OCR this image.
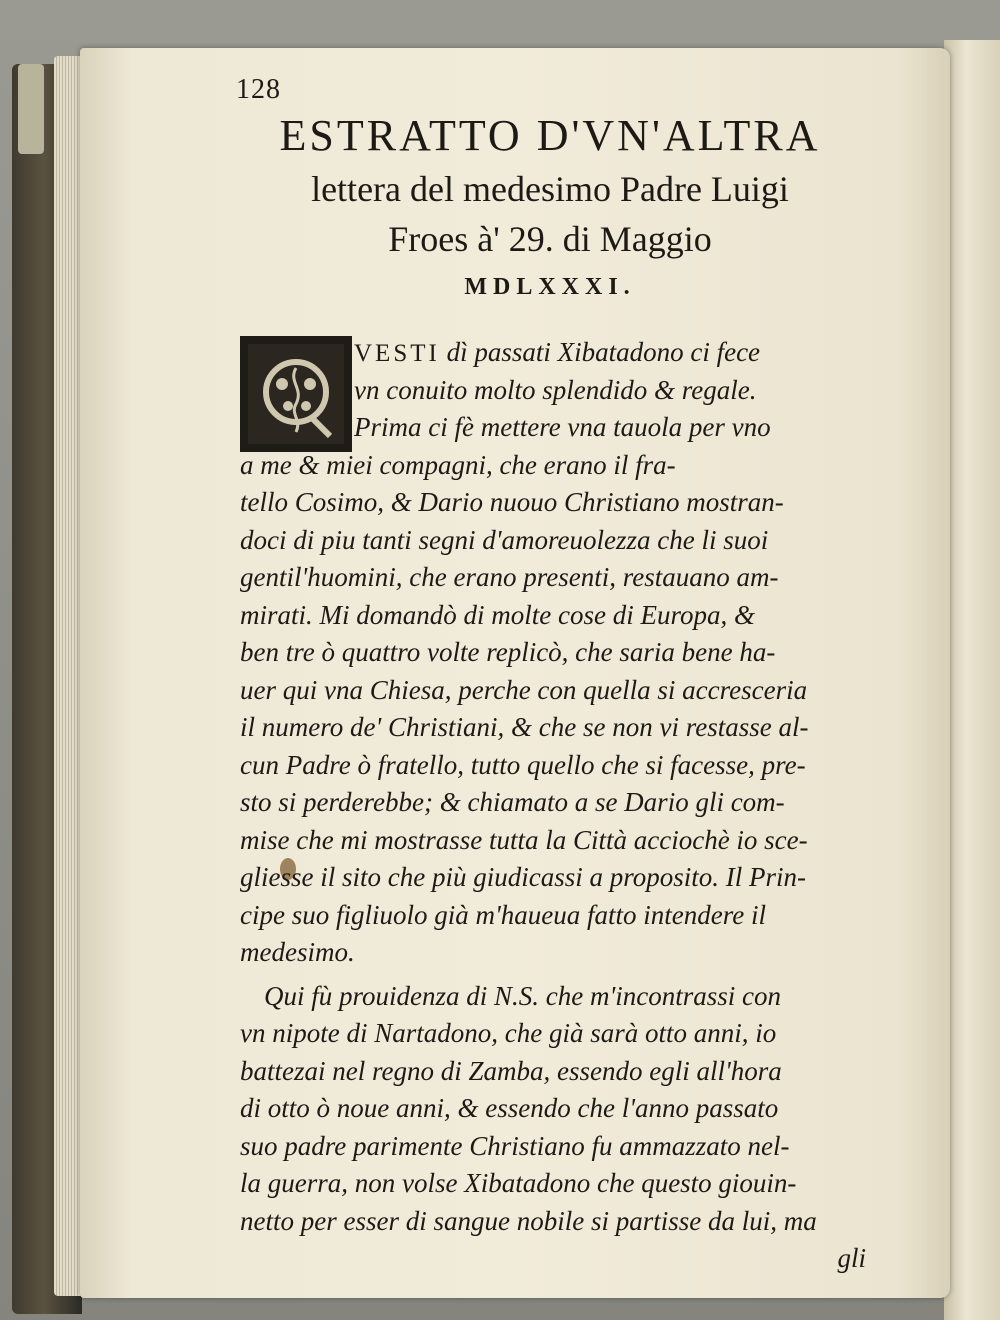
128
ESTRATTO D'VN'ALTRA
lettera del medesimo Padre Luigi
Froes à' 29. di Maggio
MDLXXXI.
VESTI dì passati Xibatadono ci fece
vn conuito molto splendido & regale.
Prima ci fè mettere vna tauola per vno
a me & miei compagni, che erano il fra-
tello Cosimo, & Dario nuouo Christiano mostran-
doci di piu tanti segni d'amoreuolezza che li suoi
gentil'huomini, che erano presenti, restauano am-
mirati. Mi domandò di molte cose di Europa, &
ben tre ò quattro volte replicò, che saria bene ha-
uer qui vna Chiesa, perche con quella si accresceria
il numero de' Christiani, & che se non vi restasse al-
cun Padre ò fratello, tutto quello che si facesse, pre-
sto si perderebbe; & chiamato a se Dario gli com-
mise che mi mostrasse tutta la Città acciochè io sce-
gliesse il sito che più giudicassi a proposito. Il Prin-
cipe suo figliuolo già m'haueua fatto intendere il
medesimo.
Qui fù prouidenza di N.S. che m'incontrassi con
vn nipote di Nartadono, che già sarà otto anni, io
battezai nel regno di Zamba, essendo egli all'hora
di otto ò noue anni, & essendo che l'anno passato
suo padre parimente Christiano fu ammazzato nel-
la guerra, non volse Xibatadono che questo giouin-
netto per esser di sangue nobile si partisse da lui, ma
gli
